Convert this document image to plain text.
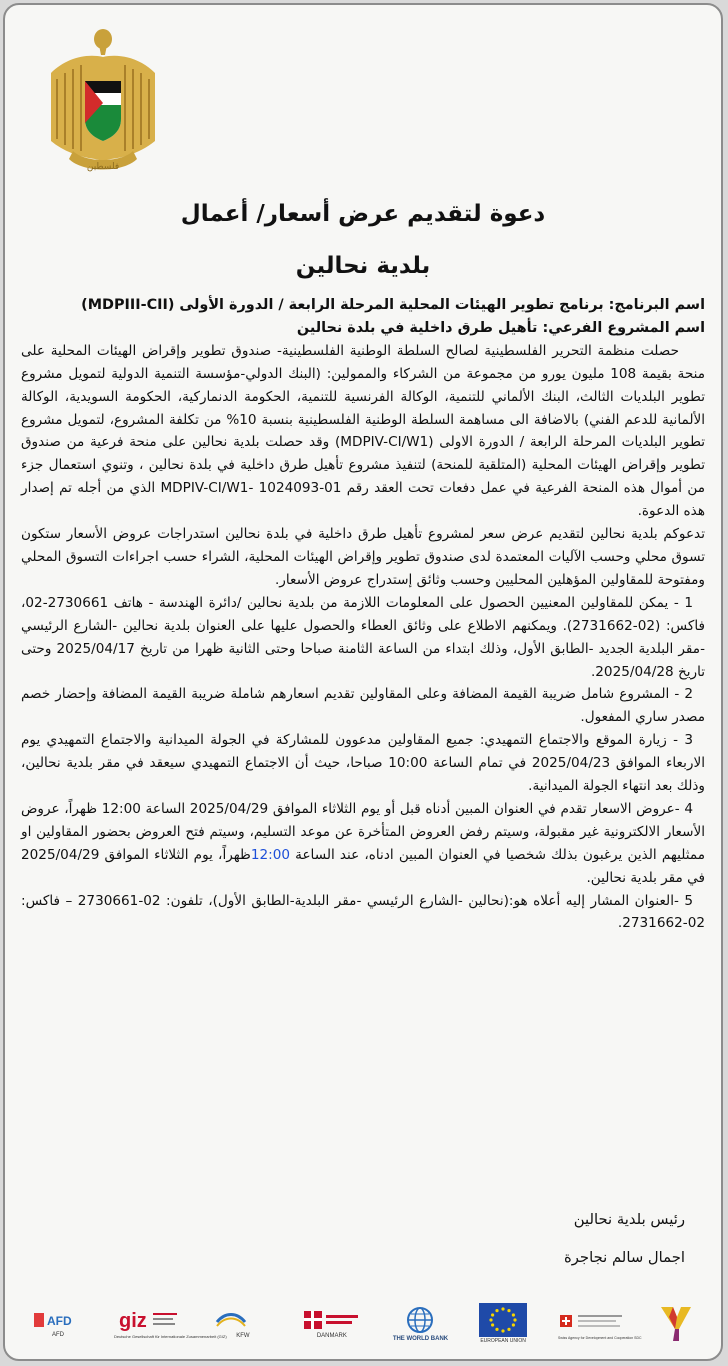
فلسطين
دعوة لتقديم عرض أسعار/ أعمال
بلدية نحالين

اسم البرنامج: برنامج تطوير الهيئات المحلية المرحلة الرابعة / الدورة الأولى (MDPIII-CII)

اسم المشروع الفرعي: تأهيل طرق داخلية في بلدة نحالين

حصلت منظمة التحرير الفلسطينية لصالح السلطة الوطنية الفلسطينية- صندوق تطوير وإقراض الهيئات المحلية على منحة بقيمة 108 مليون يورو من مجموعة من الشركاء والممولين: (البنك الدولي-مؤسسة التنمية الدولية لتمويل مشروع تطوير البلديات الثالث، البنك الألماني للتنمية، الوكالة الفرنسية للتنمية، الحكومة الدنماركية، الحكومة السويدية، الوكالة الألمانية للدعم الفني) بالاضافة الى مساهمة السلطة الوطنية الفلسطينية بنسبة 10% من تكلفة المشروع، لتمويل مشروع تطوير البلديات المرحلة الرابعة / الدورة الاولى (MDPIV-CI/W1) وقد حصلت بلدية نحالين على منحة فرعية من صندوق تطوير وإقراض الهيئات المحلية (المتلقية للمنحة) لتنفيذ مشروع تأهيل طرق داخلية في بلدة نحالين ، وتنوي استعمال جزء من أموال هذه المنحة الفرعية في عمل دفعات تحت العقد رقم 01-1024093 -MDPIV-CI/W1 الذي من أجله تم إصدار هذه الدعوة.

تدعوكم بلدية نحالين لتقديم عرض سعر لمشروع تأهيل طرق داخلية في بلدة نحالين استدراجات عروض الأسعار ستكون تسوق محلي وحسب الآليات المعتمدة لدى صندوق تطوير وإقراض الهيئات المحلية، الشراء حسب اجراءات التسوق المحلي ومفتوحة للمقاولين المؤهلين المحليين وحسب وثائق إستدراج عروض الأسعار.

1 - يمكن للمقاولين المعنيين الحصول على المعلومات اللازمة من بلدية نحالين /دائرة الهندسة - هاتف 2730661-02، فاكس: (02-2731662). ويمكنهم الاطلاع على وثائق العطاء والحصول عليها على العنوان بلدية نحالين -الشارع الرئيسي -مقر البلدية الجديد -الطابق الأول، وذلك ابتداء من الساعة الثامنة صباحا وحتى الثانية ظهرا من تاريخ 2025/04/17 وحتى تاريخ 2025/04/28.

2 - المشروع شامل ضريبة القيمة المضافة وعلى المقاولين تقديم اسعارهم شاملة ضريبة القيمة المضافة وإحضار خصم مصدر ساري المفعول.

3 - زيارة الموقع والاجتماع التمهيدي: جميع المقاولين مدعوون للمشاركة في الجولة الميدانية والاجتماع التمهيدي يوم الاربعاء الموافق 2025/04/23 في تمام الساعة 10:00 صباحا، حيث أن الاجتماع التمهيدي سيعقد في مقر بلدية نحالين، وذلك بعد انتهاء الجولة الميدانية.

4 -عروض الاسعار تقدم في العنوان المبين أدناه قبل أو يوم الثلاثاء الموافق 2025/04/29 الساعة 12:00 ظهراً، عروض الأسعار الالكترونية غير مقبولة، وسيتم رفض العروض المتأخرة عن موعد التسليم، وسيتم فتح العروض بحضور المقاولين او ممثليهم الذين يرغبون بذلك شخصيا في العنوان المبين ادناه، عند الساعة 12:00ظهراً، يوم الثلاثاء الموافق 2025/04/29 في مقر بلدية نحالين.

5 -العنوان المشار إليه أعلاه هو:(نحالين -الشارع الرئيسي -مقر البلدية-الطابق الأول)، تلفون: 02-2730661 – فاكس: 02-2731662.

رئيس بلدية نحالين
اجمال سالم نجاجرة
AFD
AFD
giz
Deutsche Gesellschaft für Internationale Zusammenarbeit (GIZ) KFW	DANMARK	THE WORLD BANK	EUROPEAN UNION	Swiss Agency for Development and Cooperation SDC
